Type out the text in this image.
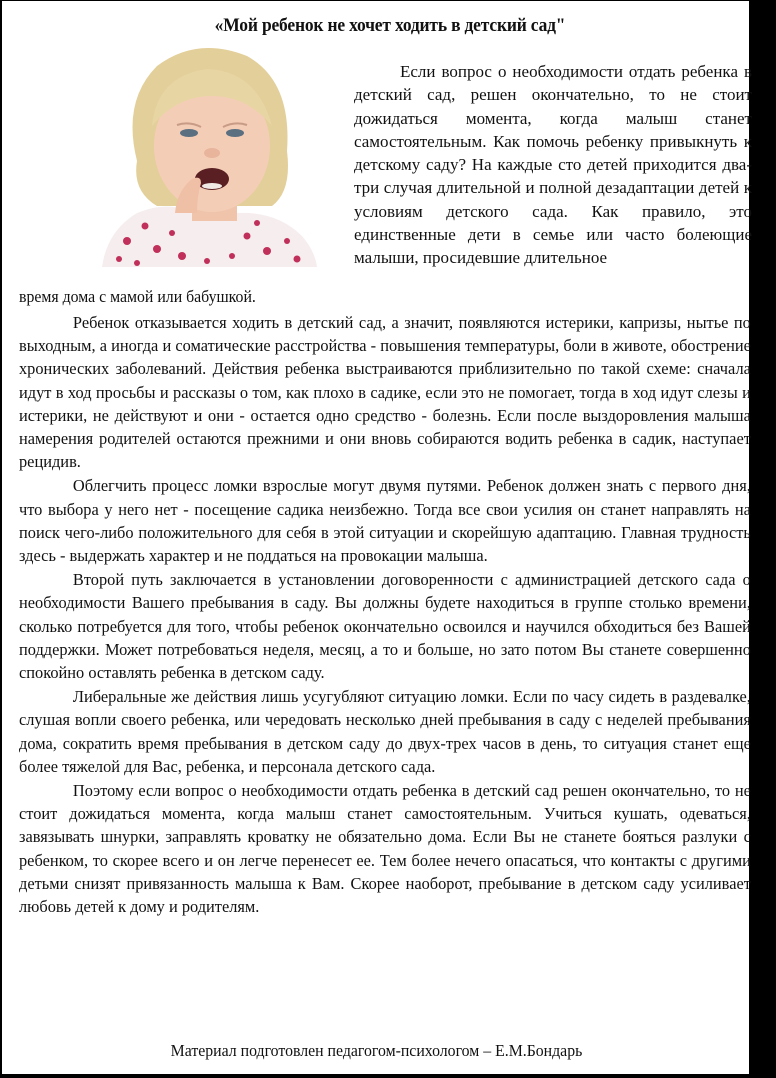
«Мой ребенок не хочет ходить в детский сад"

Если вопрос о необходимости отдать ребенка в детский сад, решен окончательно, то не стоит дожидаться момента, когда малыш станет самостоятельным. Как помочь ребенку привыкнуть к детскому саду? На каждые сто детей приходится два-три случая длительной и полной дезадаптации детей к условиям детского сада. Как правило, это единственные дети в семье или часто болеющие малыши, просидевшие длительное

время дома с мамой или бабушкой.

Ребенок отказывается ходить в детский сад, а значит, появляются истерики, капризы, нытье по выходным, а иногда и соматические расстройства - повышения температуры, боли в животе, обострение хронических заболеваний. Действия ребенка выстраиваются приблизительно по такой схеме: сначала идут в ход просьбы и рассказы о том, как плохо в садике, если это не помогает, тогда в ход идут слезы и истерики, не действуют и они - остается одно средство - болезнь. Если после выздоровления малыша намерения родителей остаются прежними и они вновь собираются водить ребенка в садик, наступает рецидив.

Облегчить процесс ломки взрослые могут двумя путями. Ребенок должен знать с первого дня, что выбора у него нет - посещение садика неизбежно. Тогда все свои усилия он станет направлять на поиск чего-либо положительного для себя в этой ситуации и скорейшую адаптацию. Главная трудность здесь - выдержать характер и не поддаться на провокации малыша.

Второй путь заключается в установлении договоренности с администрацией детского сада о необходимости Вашего пребывания в саду. Вы должны будете находиться в группе столько времени, сколько потребуется для того, чтобы ребенок окончательно освоился и научился обходиться без Вашей поддержки. Может потребоваться неделя, месяц, а то и больше, но зато потом Вы станете совершенно спокойно оставлять ребенка в детском саду.

Либеральные же действия лишь усугубляют ситуацию ломки. Если по часу сидеть в раздевалке, слушая вопли своего ребенка, или чередовать несколько дней пребывания в саду с неделей пребывания дома, сократить время пребывания в детском саду до двух-трех часов в день, то ситуация станет еще более тяжелой для Вас, ребенка, и персонала детского сада.

Поэтому если вопрос о необходимости отдать ребенка в детский сад решен окончательно, то не стоит дожидаться момента, когда малыш станет самостоятельным. Учиться кушать, одеваться, завязывать шнурки, заправлять кроватку не обязательно дома. Если Вы не станете бояться разлуки с ребенком, то скорее всего и он легче перенесет ее. Тем более нечего опасаться, что контакты с другими детьми снизят привязанность малыша к Вам. Скорее наоборот, пребывание в детском саду усиливает любовь детей к дому и родителям.

Материал подготовлен педагогом-психологом – Е.М.Бондарь
